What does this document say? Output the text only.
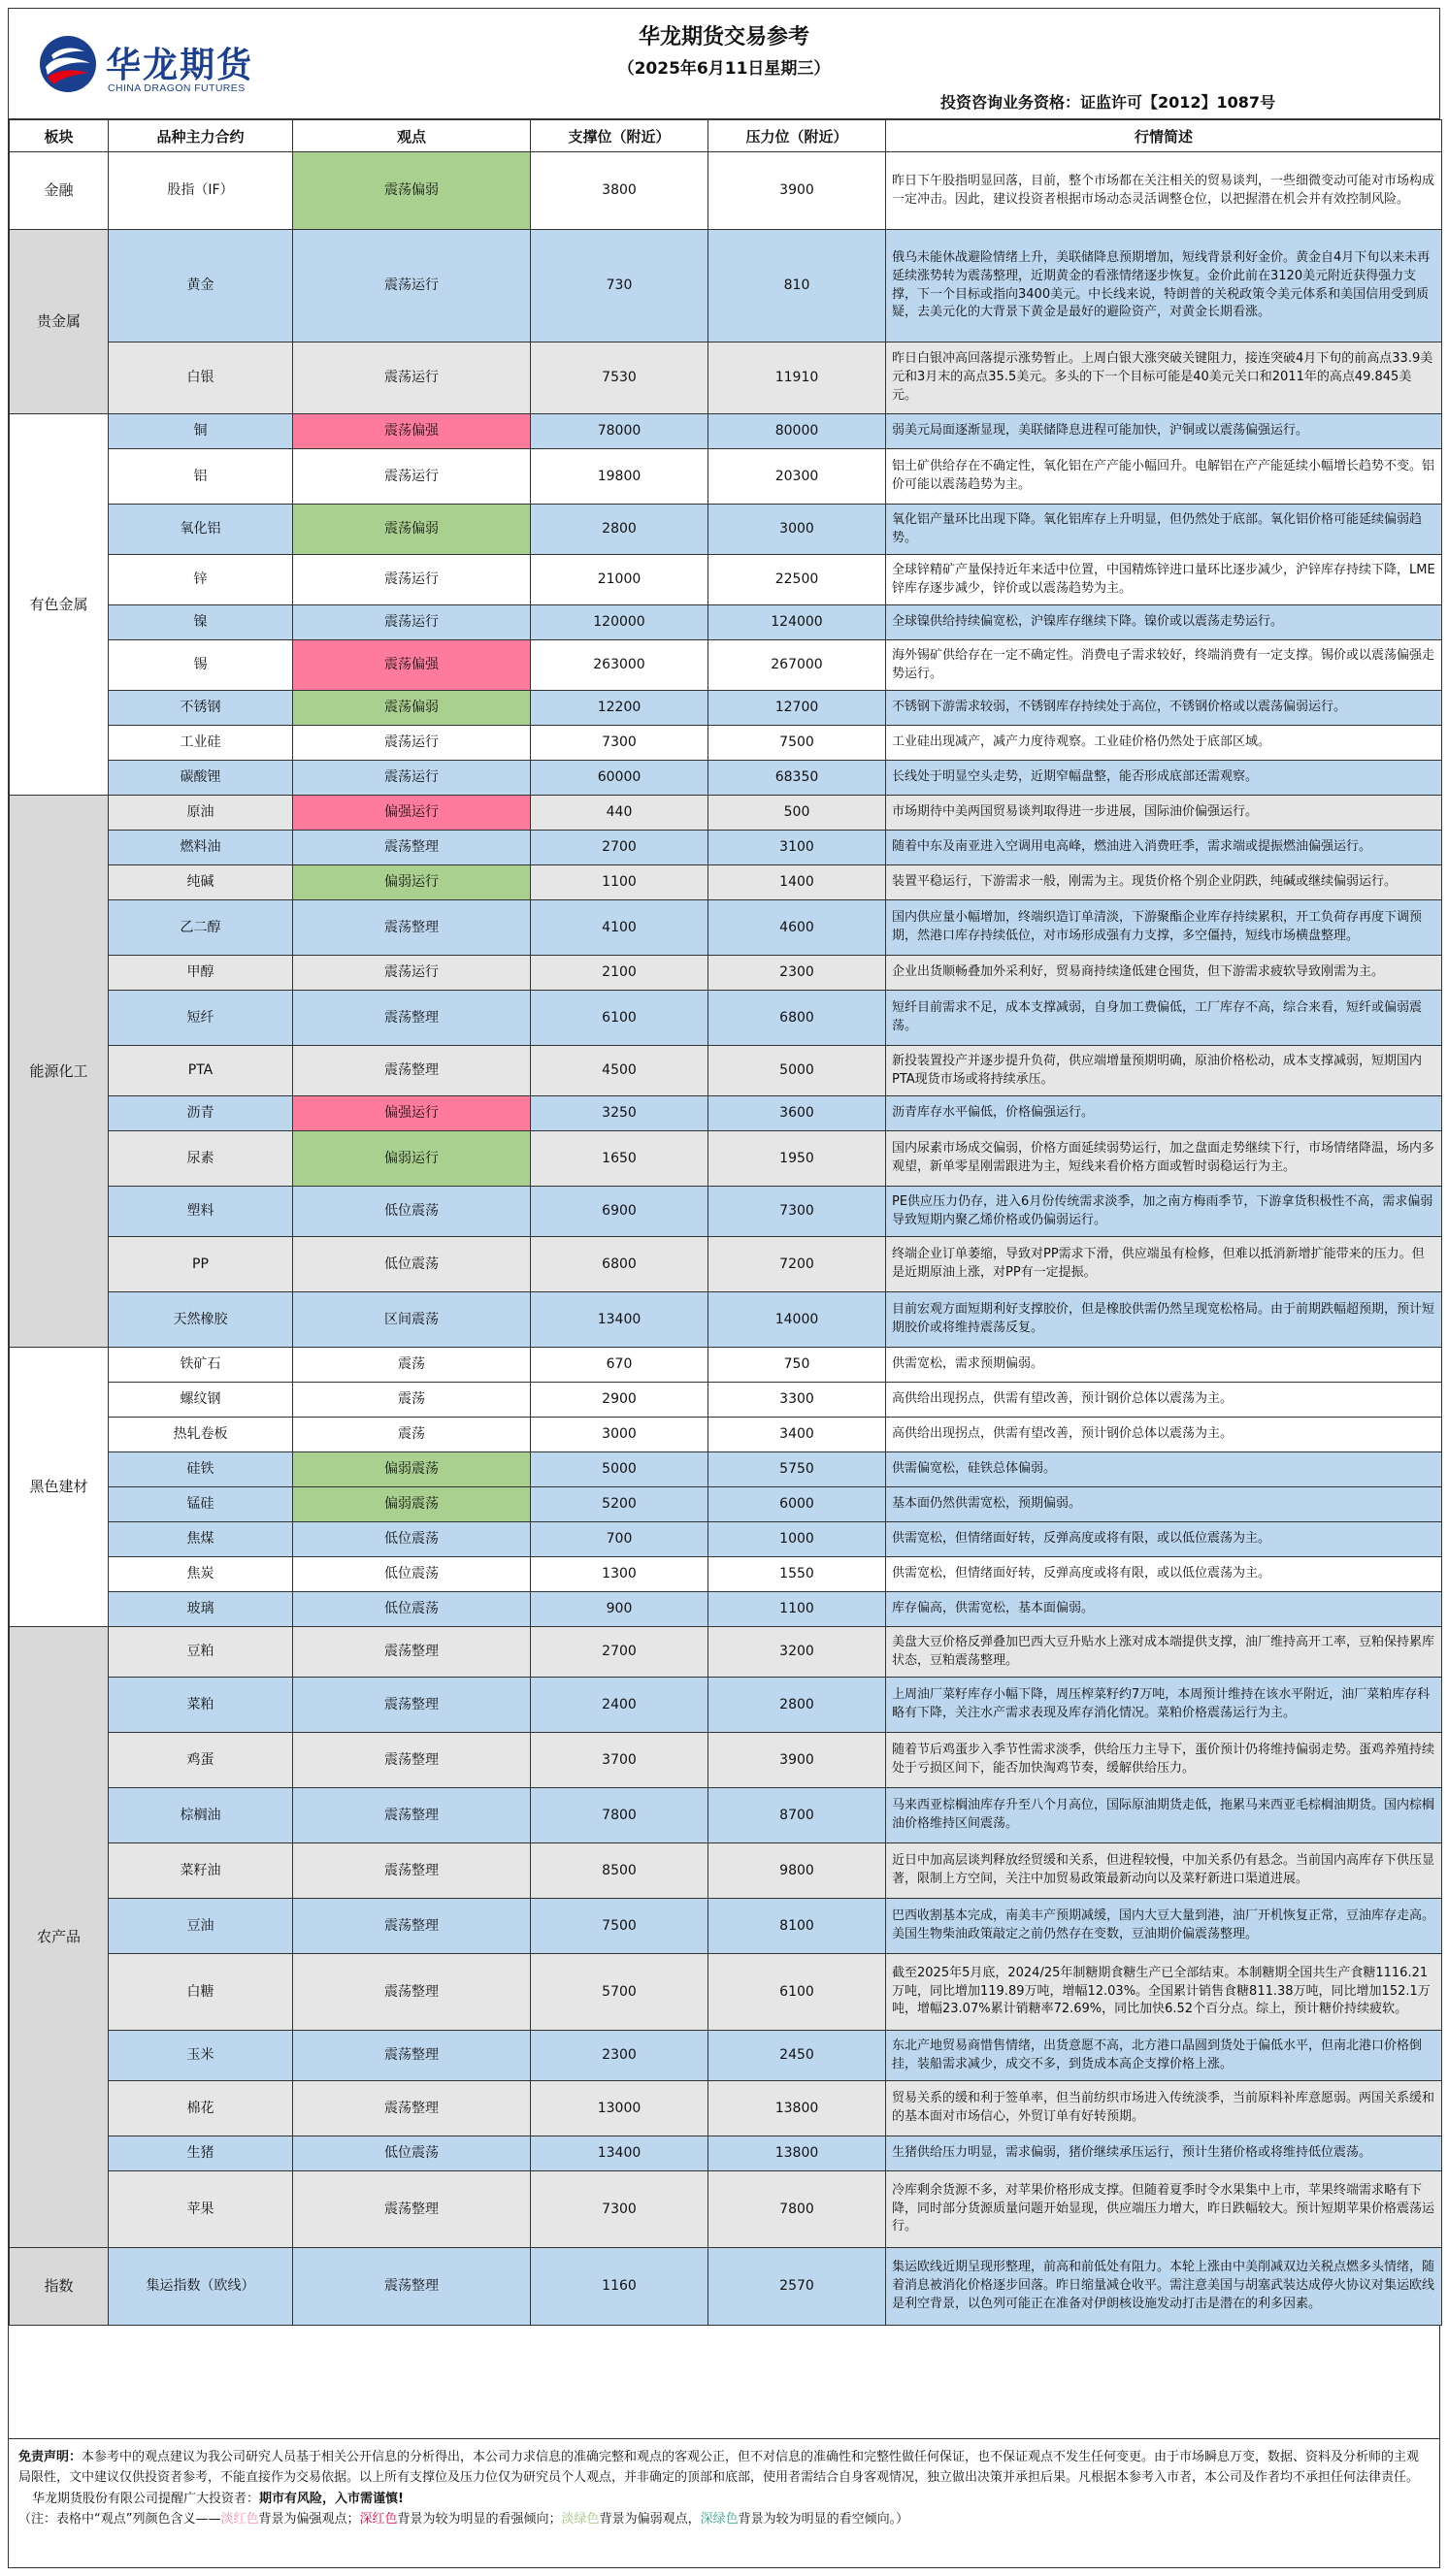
华龙期货
CHINA DRAGON FUTURES
华龙期货交易参考
（2025年6月11日星期三）
投资咨询业务资格：证监许可【2012】1087号
板块	品种主力合约	观点	支撑位（附近）	压力位（附近）	行情简述
金融	股指（IF）	震荡偏弱	3800	3900	昨日下午股指明显回落，目前，整个市场都在关注相关的贸易谈判，一些细微变动可能对市场构成一定冲击。因此，建议投资者根据市场动态灵活调整仓位，以把握潜在机会并有效控制风险。
贵金属	黄金	震荡运行	730	810	俄乌未能休战避险情绪上升，美联储降息预期增加，短线背景利好金价。黄金自4月下旬以来未再延续涨势转为震荡整理，近期黄金的看涨情绪逐步恢复。金价此前在3120美元附近获得强力支撑，下一个目标或指向3400美元。中长线来说，特朗普的关税政策令美元体系和美国信用受到质疑，去美元化的大背景下黄金是最好的避险资产，对黄金长期看涨。
	白银	震荡运行	7530	11910	昨日白银冲高回落提示涨势暂止。上周白银大涨突破关键阻力，接连突破4月下旬的前高点33.9美元和3月末的高点35.5美元。多头的下一个目标可能是40美元关口和2011年的高点49.845美元。
有色金属	铜	震荡偏强	78000	80000	弱美元局面逐渐显现，美联储降息进程可能加快，沪铜或以震荡偏强运行。
	铝	震荡运行	19800	20300	铝土矿供给存在不确定性，氧化铝在产产能小幅回升。电解铝在产产能延续小幅增长趋势不变。铝价可能以震荡趋势为主。
	氧化铝	震荡偏弱	2800	3000	氧化铝产量环比出现下降。氧化铝库存上升明显，但仍然处于底部。氧化铝价格可能延续偏弱趋势。
	锌	震荡运行	21000	22500	全球锌精矿产量保持近年来适中位置，中国精炼锌进口量环比逐步减少，沪锌库存持续下降，LME锌库存逐步减少，锌价或以震荡趋势为主。
	镍	震荡运行	120000	124000	全球镍供给持续偏宽松，沪镍库存继续下降。镍价或以震荡走势运行。
	锡	震荡偏强	263000	267000	海外锡矿供给存在一定不确定性。消费电子需求较好，终端消费有一定支撑。锡价或以震荡偏强走势运行。
	不锈钢	震荡偏弱	12200	12700	不锈钢下游需求较弱，不锈钢库存持续处于高位，不锈钢价格或以震荡偏弱运行。
	工业硅	震荡运行	7300	7500	工业硅出现减产，减产力度待观察。工业硅价格仍然处于底部区域。
	碳酸锂	震荡运行	60000	68350	长线处于明显空头走势，近期窄幅盘整，能否形成底部还需观察。
能源化工	原油	偏强运行	440	500	市场期待中美两国贸易谈判取得进一步进展，国际油价偏强运行。
	燃料油	震荡整理	2700	3100	随着中东及南亚进入空调用电高峰，燃油进入消费旺季，需求端或提振燃油偏强运行。
	纯碱	偏弱运行	1100	1400	装置平稳运行，下游需求一般，刚需为主。现货价格个别企业阴跌，纯碱或继续偏弱运行。
	乙二醇	震荡整理	4100	4600	国内供应量小幅增加，终端织造订单清淡，下游聚酯企业库存持续累积，开工负荷存再度下调预期，然港口库存持续低位，对市场形成强有力支撑，多空僵持，短线市场横盘整理。
	甲醇	震荡运行	2100	2300	企业出货顺畅叠加外采利好，贸易商持续逢低建仓囤货，但下游需求疲软导致刚需为主。
	短纤	震荡整理	6100	6800	短纤目前需求不足，成本支撑减弱，自身加工费偏低，工厂库存不高，综合来看，短纤或偏弱震荡。
	PTA	震荡整理	4500	5000	新投装置投产并逐步提升负荷，供应端增量预期明确，原油价格松动，成本支撑减弱，短期国内PTA现货市场或将持续承压。
	沥青	偏强运行	3250	3600	沥青库存水平偏低，价格偏强运行。
	尿素	偏弱运行	1650	1950	国内尿素市场成交偏弱，价格方面延续弱势运行，加之盘面走势继续下行，市场情绪降温，场内多观望，新单零星刚需跟进为主，短线来看价格方面或暂时弱稳运行为主。
	塑料	低位震荡	6900	7300	PE供应压力仍存，进入6月份传统需求淡季，加之南方梅雨季节，下游拿货积极性不高，需求偏弱导致短期内聚乙烯价格或仍偏弱运行。
	PP	低位震荡	6800	7200	终端企业订单萎缩，导致对PP需求下滑，供应端虽有检修，但难以抵消新增扩能带来的压力。但是近期原油上涨，对PP有一定提振。
	天然橡胶	区间震荡	13400	14000	目前宏观方面短期利好支撑胶价，但是橡胶供需仍然呈现宽松格局。由于前期跌幅超预期，预计短期胶价或将维持震荡反复。
黑色建材	铁矿石	震荡	670	750	供需宽松，需求预期偏弱。
	螺纹钢	震荡	2900	3300	高供给出现拐点，供需有望改善，预计钢价总体以震荡为主。
	热轧卷板	震荡	3000	3400	高供给出现拐点，供需有望改善，预计钢价总体以震荡为主。
	硅铁	偏弱震荡	5000	5750	供需偏宽松，硅铁总体偏弱。
	锰硅	偏弱震荡	5200	6000	基本面仍然供需宽松，预期偏弱。
	焦煤	低位震荡	700	1000	供需宽松，但情绪面好转，反弹高度或将有限，或以低位震荡为主。
	焦炭	低位震荡	1300	1550	供需宽松，但情绪面好转，反弹高度或将有限，或以低位震荡为主。
	玻璃	低位震荡	900	1100	库存偏高，供需宽松，基本面偏弱。
农产品	豆粕	震荡整理	2700	3200	美盘大豆价格反弹叠加巴西大豆升贴水上涨对成本端提供支撑，油厂维持高开工率，豆粕保持累库状态，豆粕震荡整理。
	菜粕	震荡整理	2400	2800	上周油厂菜籽库存小幅下降，周压榨菜籽约7万吨，本周预计维持在该水平附近，油厂菜粕库存科略有下降，关注水产需求表现及库存消化情况。菜粕价格震荡运行为主。
	鸡蛋	震荡整理	3700	3900	随着节后鸡蛋步入季节性需求淡季，供给压力主导下，蛋价预计仍将维持偏弱走势。蛋鸡养殖持续处于亏损区间下，能否加快淘鸡节奏，缓解供给压力。
	棕榈油	震荡整理	7800	8700	马来西亚棕榈油库存升至八个月高位，国际原油期货走低，拖累马来西亚毛棕榈油期货。国内棕榈油价格维持区间震荡。
	菜籽油	震荡整理	8500	9800	近日中加高层谈判释放经贸缓和关系，但进程较慢，中加关系仍有悬念。当前国内高库存下供压显著，限制上方空间，关注中加贸易政策最新动向以及菜籽新进口渠道进展。
	豆油	震荡整理	7500	8100	巴西收割基本完成，南美丰产预期减缓，国内大豆大量到港，油厂开机恢复正常，豆油库存走高。美国生物柴油政策敲定之前仍然存在变数，豆油期价偏震荡整理。
	白糖	震荡整理	5700	6100	截至2025年5月底，2024/25年制糖期食糖生产已全部结束。本制糖期全国共生产食糖1116.21万吨，同比增加119.89万吨，增幅12.03%。全国累计销售食糖811.38万吨，同比增加152.1万吨，增幅23.07%累计销糖率72.69%，同比加快6.52个百分点。综上，预计糖价持续疲软。
	玉米	震荡整理	2300	2450	东北产地贸易商惜售情绪，出货意愿不高，北方港口晶圆到货处于偏低水平，但南北港口价格倒挂，装船需求减少，成交不多，到货成本高企支撑价格上涨。
	棉花	震荡整理	13000	13800	贸易关系的缓和利于签单率，但当前纺织市场进入传统淡季，当前原料补库意愿弱。两国关系缓和的基本面对市场信心，外贸订单有好转预期。
	生猪	低位震荡	13400	13800	生猪供给压力明显，需求偏弱，猪价继续承压运行，预计生猪价格或将维持低位震荡。
	苹果	震荡整理	7300	7800	冷库剩余货源不多，对苹果价格形成支撑。但随着夏季时令水果集中上市，苹果终端需求略有下降，同时部分货源质量问题开始显现，供应端压力增大，昨日跌幅较大。预计短期苹果价格震荡运行。
指数	集运指数（欧线）	震荡整理	1160	2570	集运欧线近期呈现形整理，前高和前低处有阻力。本轮上涨由中美削减双边关税点燃多头情绪，随着消息被消化价格逐步回落。昨日缩量减仓收平。需注意美国与胡塞武装达成停火协议对集运欧线是利空背景，以色列可能正在准备对伊朗核设施发动打击是潜在的利多因素。
免责声明：本参考中的观点建议为我公司研究人员基于相关公开信息的分析得出，本公司力求信息的准确完整和观点的客观公正，但不对信息的准确性和完整性做任何保证，也不保证观点不发生任何变更。由于市场瞬息万变，数据、资料及分析师的主观局限性，文中建议仅供投资者参考，不能直接作为交易依据。以上所有支撑位及压力位仅为研究员个人观点，并非确定的顶部和底部，使用者需结合自身客观情况，独立做出决策并承担后果。凡根据本参考入市者，本公司及作者均不承担任何法律责任。
华龙期货股份有限公司提醒广大投资者：期市有风险，入市需谨慎!
（注：表格中“观点”列颜色含义——淡红色背景为偏强观点；深红色背景为较为明显的看强倾向；淡绿色背景为偏弱观点，深绿色背景为较为明显的看空倾向。）
